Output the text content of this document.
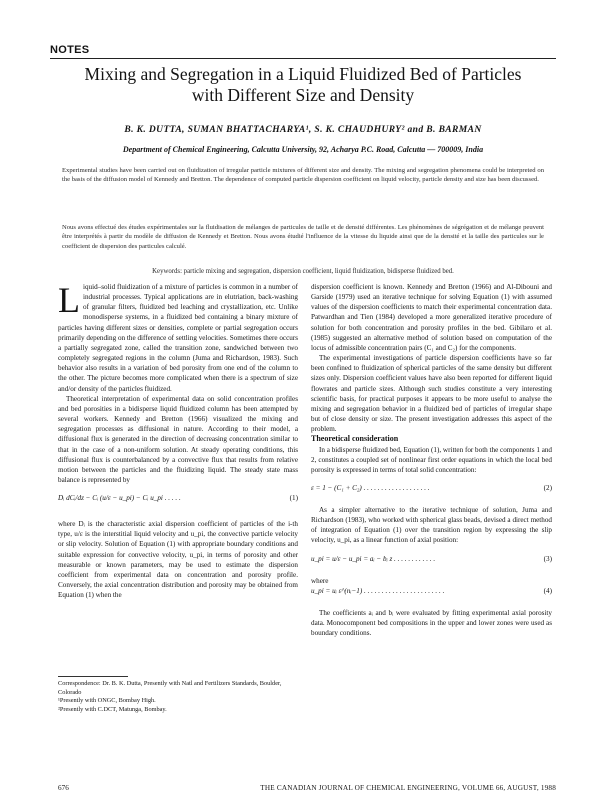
NOTES
Mixing and Segregation in a Liquid Fluidized Bed of Particles
with Different Size and Density
B. K. DUTTA, SUMAN BHATTACHARYA¹, S. K. CHAUDHURY² and B. BARMAN
Department of Chemical Engineering, Calcutta University, 92, Acharya P.C. Road, Calcutta — 700009, India
Experimental studies have been carried out on fluidization of irregular particle mixtures of different size and density. The mixing and segregation phenomena could be interpreted on the basis of the diffusion model of Kennedy and Bretton. The dependence of computed particle dispersion coefficient on liquid velocity, particle density and size has been discussed.
Nous avons effectué des études expérimentales sur la fluidisation de mélanges de particules de taille et de densité différentes. Les phénomènes de ségrégation et de mélange peuvent être interprétés à partir du modèle de diffusion de Kennedy et Bretton. Nous avons étudié l'influence de la vitesse du liquide ainsi que de la densité et la taille des particules sur le coefficient de dispersion des particules calculé.
Keywords: particle mixing and segregation, dispersion coefficient, liquid fluidization, bidisperse fluidized bed.

L iquid–solid fluidization of a mixture of particles is common in a number of industrial processes. Typical applications are in elutriation, back-washing of granular filters, fluidized bed leaching and crystallization, etc. Unlike monodisperse systems, in a fluidized bed containing a binary mixture of particles having different sizes or densities, complete or partial segregation occurs primarily depending on the difference of settling velocities. Sometimes there occurs a partially segregated zone, called the transition zone, sandwiched between two completely segregated regions in the column (Juma and Richardson, 1983). Such behavior also results in a variation of bed porosity from one end of the column to the other. The picture becomes more complicated when there is a spectrum of size and/or density of the particles fluidized.

Theoretical interpretation of experimental data on solid concentration profiles and bed porosities in a bidisperse liquid fluidized column has been attempted by several workers. Kennedy and Bretton (1966) visualized the mixing and segregation processes as diffusional in nature. According to their model, a diffusional flux is generated in the direction of decreasing concentration similar to that in the case of a non-uniform solution. At steady operating conditions, this diffusional flux is counterbalanced by a convective flux that results from relative motion between the particles and the fluidizing liquid. The steady state mass balance is represented by

Dᵢ dCᵢ/dz − Cᵢ (u/ε − u_pi) − Cᵢ u_pi . . . . .	(1)

where Dᵢ is the characteristic axial dispersion coefficient of particles of the i-th type, u/ε is the interstitial liquid velocity and u_pi, the convective particle velocity or slip velocity. Solution of Equation (1) with appropriate boundary conditions and suitable expression for convective velocity, u_pi, in terms of porosity and other measurable or known parameters, may be used to estimate the dispersion coefficient from experimental data on concentration and porosity profile. Conversely, the axial concentration distribution and porosity may be obtained from Equation (1) when the

Correspondence: Dr. B. K. Dutta, Presently with Natl and Fertilizers Standards, Boulder, Colorado
¹Presently with ONGC, Bombay High.
²Presently with C.DCT, Matunga, Bombay.

dispersion coefficient is known. Kennedy and Bretton (1966) and Al-Dibouni and Garside (1979) used an iterative technique for solving Equation (1) with assumed values of the dispersion coefficients to match their experimental concentration data. Patwardhan and Tien (1984) developed a more generalized iterative procedure of solution for both concentration and porosity profiles in the bed. Gibilaro et al. (1985) suggested an alternative method of solution based on computation of the locus of admissible concentration pairs (C₁ and C₂) for the components.

The experimental investigations of particle dispersion coefficients have so far been confined to fluidization of spherical particles of the same density but different sizes only. Dispersion coefficient values have also been reported for different liquid flowrates and particle sizes. Although such studies constitute a very interesting scientific basis, for practical purposes it appears to be more useful to analyse the mixing and segregation behavior in a fluidized bed of particles of irregular shape but of close density or size. The present investigation addresses this aspect of the problem.

Theoretical consideration

In a bidisperse fluidized bed, Equation (1), written for both the components 1 and 2, constitutes a coupled set of nonlinear first order equations in which the local bed porosity is expressed in terms of total solid concentration:

ε = 1 − (C₁ + C₂) . . . . . . . . . . . . . . . . . . .	(2)

As a simpler alternative to the iterative technique of solution, Juma and Richardson (1983), who worked with spherical glass beads, devised a direct method of integration of Equation (1) over the transition region by expressing the slip velocity, u_pi, as a linear function of axial position:

u_pi = u/ε − u_pi = aᵢ − bᵢ z . . . . . . . . . . . .	(3)

where

u_pi = uᵢ ε^(nᵢ−1) . . . . . . . . . . . . . . . . . . . . . . .	(4)

The coefficients aᵢ and bᵢ were evaluated by fitting experimental axial porosity data. Monocomponent bed compositions in the upper and lower zones were used as boundary conditions.

676	THE CANADIAN JOURNAL OF CHEMICAL ENGINEERING, VOLUME 66, AUGUST, 1988
